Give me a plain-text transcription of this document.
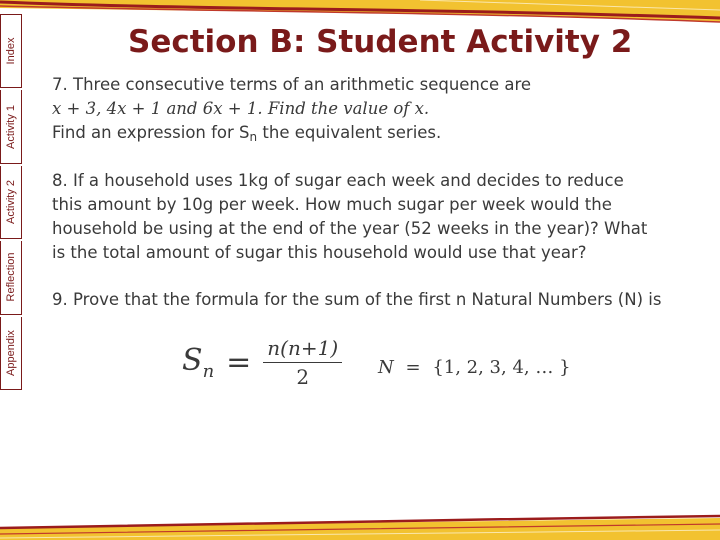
Index
Activity 1
Activity 2
Reflection
Appendix
Section B: Student Activity 2

7. Three consecutive terms of an arithmetic sequence are

x + 3, 4x + 1 and 6x + 1. Find the value of x.

Find an expression for Sn the equivalent series.

8. If a household uses 1kg of sugar each week and decides to reduce

this amount by 10g per week. How much sugar per week would the

household be using at the end of the year (52 weeks in the year)? What

is the total amount of sugar this household would use that year?

9. Prove that the formula for the sum of the first n Natural Numbers (N) is

$S_n = \frac{n(n+1)}{2}$ N = {1, 2, 3, 4, … }
